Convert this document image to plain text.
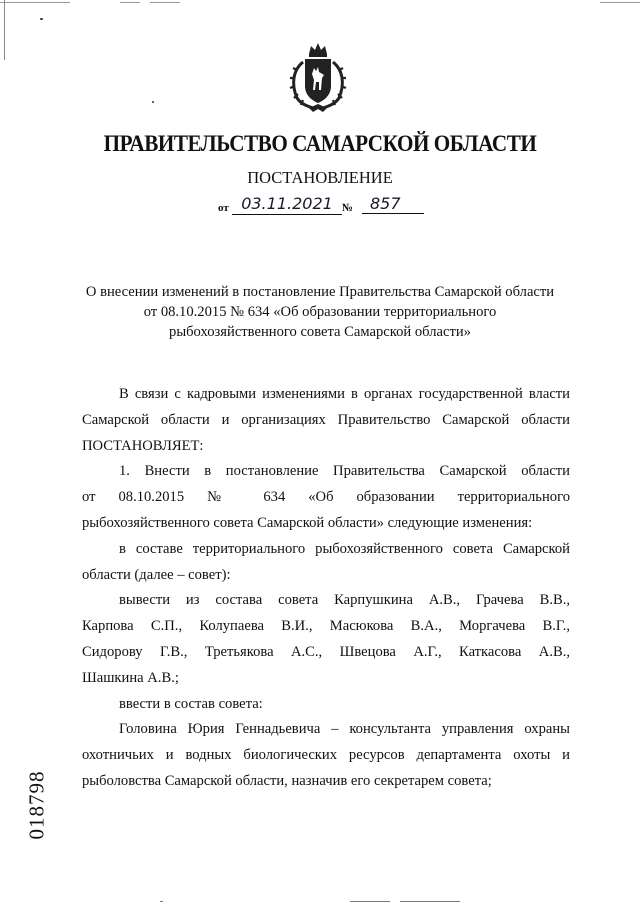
ПРАВИТЕЛЬСТВО САМАРСКОЙ ОБЛАСТИ
ПОСТАНОВЛЕНИЕ
от 03.11.2021 №	857
О внесении изменений в постановление Правительства Самарской области
от 08.10.2015 № 634 «Об образовании территориального
рыбохозяйственного совета Самарской области»

В связи с кадровыми изменениями в органах государственной власти

Самарской области и организациях Правительство Самарской области

ПОСТАНОВЛЯЕТ:

1. Внести в постановление Правительства Самарской области

от 08.10.2015 № 634 «Об образовании территориального

рыбохозяйственного совета Самарской области» следующие изменения:

в составе территориального рыбохозяйственного совета Самарской

области (далее – совет):

вывести из состава совета Карпушкина А.В., Грачева В.В.,

Карпова С.П., Колупаева В.И., Масюкова В.А., Моргачева В.Г.,

Сидорову Г.В., Третьякова А.С., Швецова А.Г., Каткасова А.В.,

Шашкина А.В.;

ввести в состав совета:

Головина Юрия Геннадьевича – консультанта управления охраны

охотничьих и водных биологических ресурсов департамента охоты и

рыболовства Самарской области, назначив его секретарем совета;

018798
